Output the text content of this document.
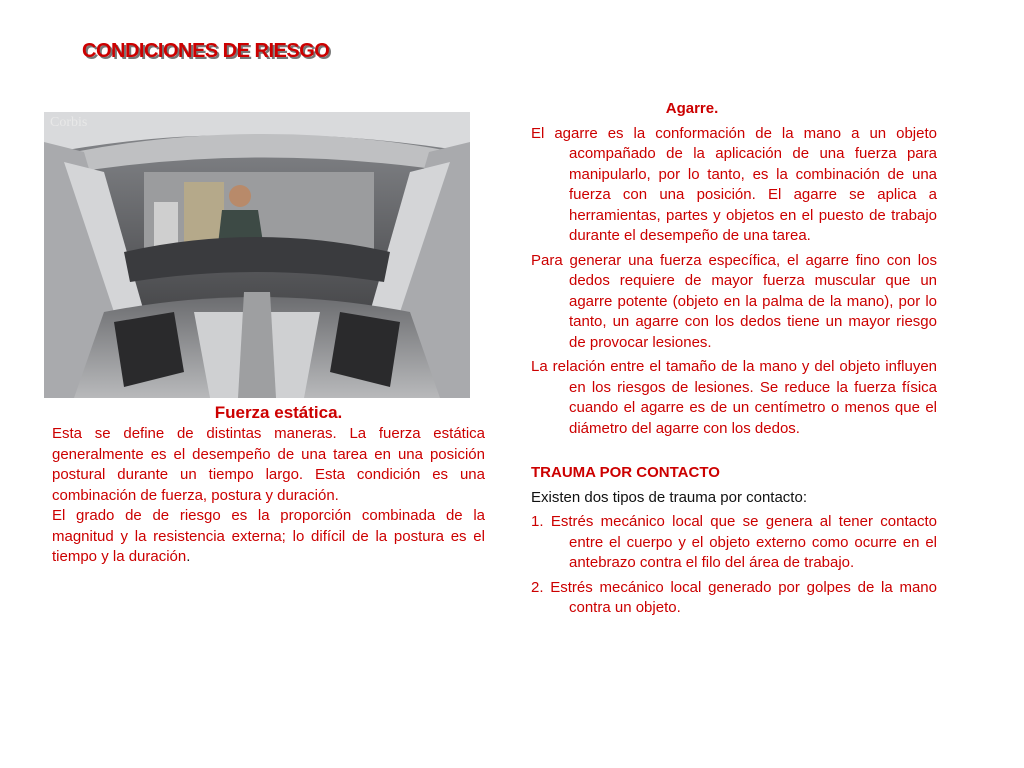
CONDICIONES DE RIESGO
Corbis
Fuerza estática.

Esta se define de distintas maneras. La fuerza estática generalmente es el desempeño de una tarea en una posición postural durante un tiempo largo. Esta condición es una combinación de fuerza, postura y duración.

El grado de de riesgo es la proporción combinada de la magnitud y la resistencia externa; lo difícil de la postura es el tiempo y la duración.

Agarre.

El agarre es la conformación de la mano a un objeto acompañado de la aplicación de una fuerza para manipularlo, por lo tanto, es la combinación de una fuerza con una posición. El agarre se aplica a herramientas, partes y objetos en el puesto de trabajo durante el desempeño de una tarea.

Para generar una fuerza específica, el agarre fino con los dedos requiere de mayor fuerza muscular que un agarre potente (objeto en la palma de la mano), por lo tanto, un agarre con los dedos tiene un mayor riesgo de provocar lesiones.

La relación entre el tamaño de la mano y del objeto influyen en los riesgos de lesiones. Se reduce la fuerza física cuando el agarre es de un centímetro o menos que el diámetro del agarre con los dedos.

TRAUMA POR CONTACTO

Existen dos tipos de trauma por contacto:

1. Estrés mecánico local que se genera al tener contacto entre el cuerpo y el objeto externo como ocurre en el antebrazo contra el filo del área de trabajo.

2. Estrés mecánico local generado por golpes de la mano contra un objeto.
